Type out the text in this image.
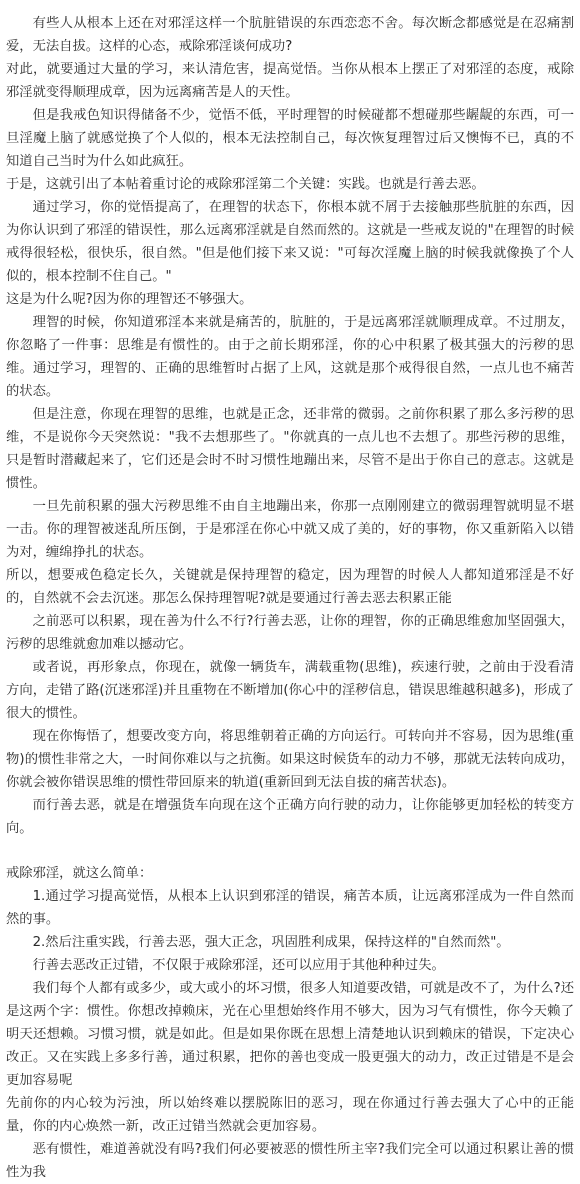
有些人从根本上还在对邪淫这样一个肮脏错误的东西恋恋不舍。每次断念都感觉是在忍痛割爱，无法自拔。这样的心态，戒除邪淫谈何成功?

对此，就要通过大量的学习，来认清危害，提高觉悟。当你从根本上摆正了对邪淫的态度，戒除邪淫就变得顺理成章，因为远离痛苦是人的天性。

但是我戒色知识得储备不少，觉悟不低，平时理智的时候碰都不想碰那些龌龊的东西，可一旦淫魔上脑了就感觉换了个人似的，根本无法控制自己，每次恢复理智过后又懊悔不已，真的不知道自己当时为什么如此疯狂。

于是，这就引出了本帖着重讨论的戒除邪淫第二个关键：实践。也就是行善去恶。

通过学习，你的觉悟提高了，在理智的状态下，你根本就不屑于去接触那些肮脏的东西，因为你认识到了邪淫的错误性，那么远离邪淫就是自然而然的。这就是一些戒友说的"在理智的时候戒得很轻松，很快乐，很自然。"但是他们接下来又说："可每次淫魔上脑的时候我就像换了个人似的，根本控制不住自己。"

这是为什么呢?因为你的理智还不够强大。

理智的时候，你知道邪淫本来就是痛苦的，肮脏的，于是远离邪淫就顺理成章。不过朋友，你忽略了一件事：思维是有惯性的。由于之前长期邪淫，你的心中积累了极其强大的污秽的思维。通过学习，理智的、正确的思维暂时占据了上风，这就是那个戒得很自然，一点儿也不痛苦的状态。

但是注意，你现在理智的思维，也就是正念，还非常的微弱。之前你积累了那么多污秽的思维，不是说你今天突然说："我不去想那些了。"你就真的一点儿也不去想了。那些污秽的思维，只是暂时潜藏起来了，它们还是会时不时习惯性地蹦出来，尽管不是出于你自己的意志。这就是惯性。

一旦先前积累的强大污秽思维不由自主地蹦出来，你那一点刚刚建立的微弱理智就明显不堪一击。你的理智被迷乱所压倒，于是邪淫在你心中就又成了美的，好的事物，你又重新陷入以错为对，缠绵挣扎的状态。

所以，想要戒色稳定长久，关键就是保持理智的稳定，因为理智的时候人人都知道邪淫是不好的，自然就不会去沉迷。那怎么保持理智呢?就是要通过行善去恶去积累正能

之前恶可以积累，现在善为什么不行?行善去恶，让你的理智，你的正确思维愈加坚固强大，污秽的思维就愈加难以撼动它。

或者说，再形象点，你现在，就像一辆货车，满载重物(思维)，疾速行驶，之前由于没看清方向，走错了路(沉迷邪淫)并且重物在不断增加(你心中的淫秽信息，错误思维越积越多)，形成了很大的惯性。

现在你悔悟了，想要改变方向，将思维朝着正确的方向运行。可转向并不容易，因为思维(重物)的惯性非常之大，一时间你难以与之抗衡。如果这时候货车的动力不够，那就无法转向成功，你就会被你错误思维的惯性带回原来的轨道(重新回到无法自拔的痛苦状态)。

而行善去恶，就是在增强货车向现在这个正确方向行驶的动力，让你能够更加轻松的转变方向。

戒除邪淫，就这么简单：

1.通过学习提高觉悟，从根本上认识到邪淫的错误，痛苦本质，让远离邪淫成为一件自然而然的事。

2.然后注重实践，行善去恶，强大正念，巩固胜利成果，保持这样的"自然而然"。

行善去恶改正过错，不仅限于戒除邪淫，还可以应用于其他种种过失。

我们每个人都有或多少，或大或小的坏习惯，很多人知道要改错，可就是改不了，为什么?还是这两个字：惯性。你想改掉赖床，光在心里想始终作用不够大，因为习气有惯性，你今天赖了明天还想赖。习惯习惯，就是如此。但是如果你既在思想上清楚地认识到赖床的错误，下定决心改正。又在实践上多多行善，通过积累，把你的善也变成一股更强大的动力，改正过错是不是会更加容易呢

先前你的内心较为污浊，所以始终难以摆脱陈旧的恶习，现在你通过行善去强大了心中的正能量，你的内心焕然一新，改正过错当然就会更加容易。

恶有惯性，难道善就没有吗?我们何必要被恶的惯性所主宰?我们完全可以通过积累让善的惯性为我
